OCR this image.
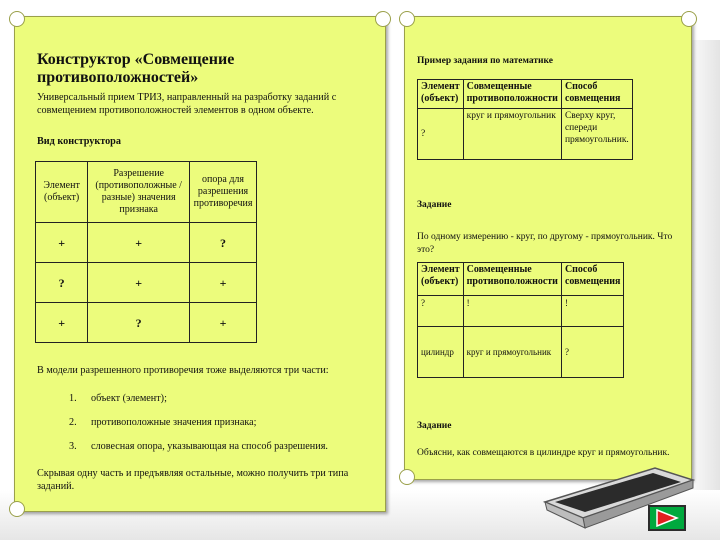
Конструктор «Совмещение противоположностей»

Универсальный прием ТРИЗ, направленный на разработку заданий с совмещением противоположностей элементов в одном объекте.

Вид конструктора

Элемент (объект)	Разрешение (противоположные / разные) значения признака	опора для разрешения противоречия
+	+	?
?	+	+
+	?	+

В модели разрешенного противоречия тоже выделяются три части:

1. объект (элемент);

2. противоположные значения признака;

3. словесная опора, указывающая на способ разрешения.

Скрывая одну часть и предъявляя остальные, можно получить три типа заданий.

Пример задания по математике

Элемент (объект)	Совмещенные противоположности	Способ совмещения
?	круг и прямоугольник	Сверху круг, спереди прямоугольник.

Задание

По одному измерению - круг, по другому - прямоугольник. Что это?

Элемент (объект)	Совмещенные противоположности	Способ совмещения
?	!	!
цилиндр	круг и прямоугольник	?

Задание

Объясни, как совмещаются в цилиндре круг и прямоугольник.
